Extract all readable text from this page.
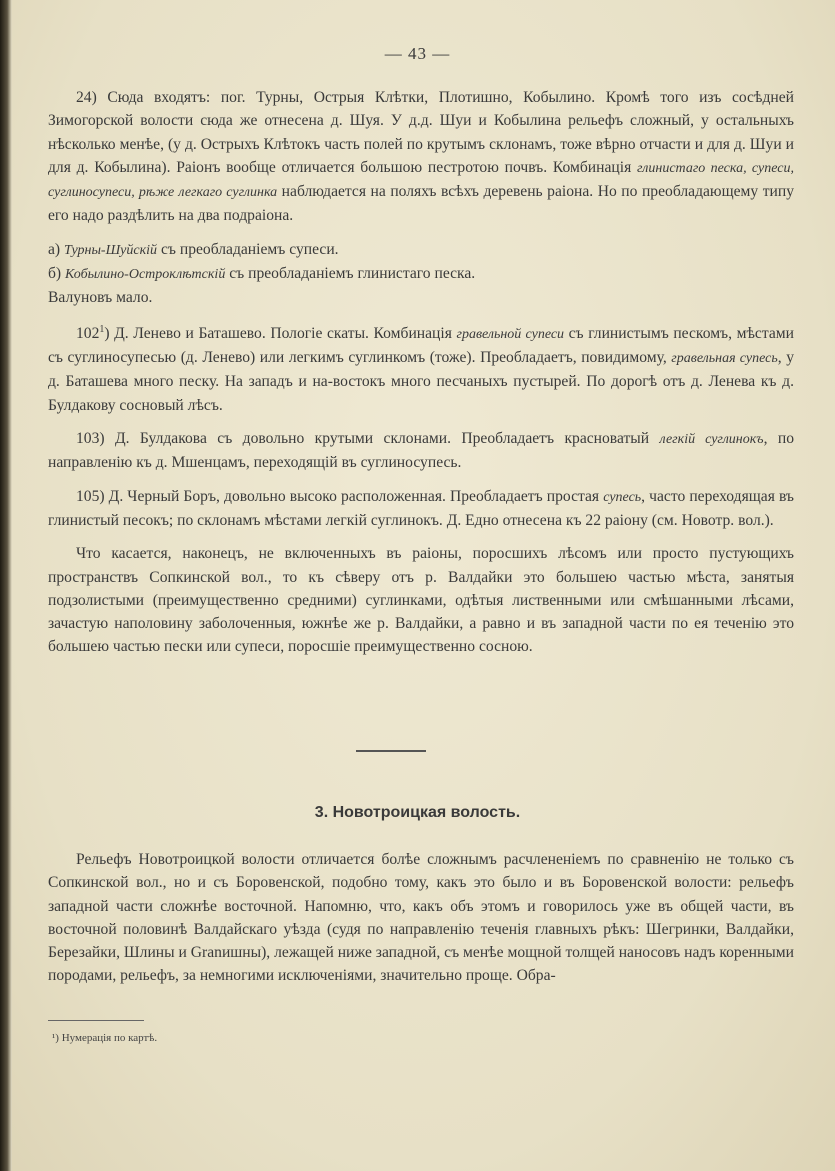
— 43 —

24) Сюда входятъ: пог. Турны, Острыя Клѣтки, Плотишно, Кобылино. Кромѣ того изъ сосѣдней Зимогорской волости сюда же отнесена д. Шуя. У д.д. Шуи и Кобылина рельефъ сложный, у остальныхъ нѣсколько менѣе, (у д. Острыхъ Клѣтокъ часть полей по крутымъ склонамъ, тоже вѣрно отчасти и для д. Шуи и для д. Кобылина). Раіонъ вообще отличается большою пестротою почвъ. Комбинація глинистаго песка, супеси, суглиносупеси, рѣже легкаго суглинка наблюдается на поляхъ всѣхъ деревень раіона. Но по преобладающему типу его надо раздѣлить на два подраіона.

а) Турны-Шуйскій съ преобладаніемъ супеси.

б) Кобылино-Остроклѣтскій съ преобладаніемъ глинистаго песка.

Валуновъ мало.

$102^1$) Д. Ленево и Баташево. Пологіе скаты. Комбинація гравельной супеси съ глинистымъ пескомъ, мѣстами съ суглиносупесью (д. Ленево) или легкимъ суглинкомъ (тоже). Преобладаетъ, повидимому, гравельная супесь, у д. Баташева много песку. На западъ и на-востокъ много песчаныхъ пустырей. По дорогѣ отъ д. Ленева къ д. Булдакову сосновый лѣсъ.

103) Д. Булдакова съ довольно крутыми склонами. Преобладаетъ красноватый легкій суглинокъ, по направленію къ д. Мшенцамъ, переходящій въ суглиносупесь.

105) Д. Черный Боръ, довольно высоко расположенная. Преобладаетъ простая супесь, часто переходящая въ глинистый песокъ; по склонамъ мѣстами легкій суглинокъ. Д. Едно отнесена къ 22 раіону (см. Новотр. вол.).

Что касается, наконецъ, не включенныхъ въ раіоны, поросшихъ лѣсомъ или просто пустующихъ пространствъ Сопкинской вол., то къ сѣверу отъ р. Валдайки это большею частью мѣста, занятыя подзолистыми (преимущественно средними) суглинками, одѣтыя лиственными или смѣшанными лѣсами, зачастую наполовину заболоченныя, южнѣе же р. Валдайки, а равно и въ западной части по ея теченію это большею частью пески или супеси, поросшіе преимущественно сосною.

3. Новотроицкая волость.

Рельефъ Новотроицкой волости отличается болѣе сложнымъ расчлененіемъ по сравненію не только съ Сопкинской вол., но и съ Боровенской, подобно тому, какъ это было и въ Боровенской волости: рельефъ западной части сложнѣе восточной. Напомню, что, какъ объ этомъ и говорилось уже въ общей части, въ восточной половинѣ Валдайскаго уѣзда (судя по направленію теченія главныхъ рѣкъ: Шегринки, Валдайки, Березайки, Шлины и Granишны), лежащей ниже западной, съ менѣе мощной толщей наносовъ надъ коренными породами, рельефъ, за немногими исключеніями, значительно проще. Обра-

¹) Нумерація по картѣ.
